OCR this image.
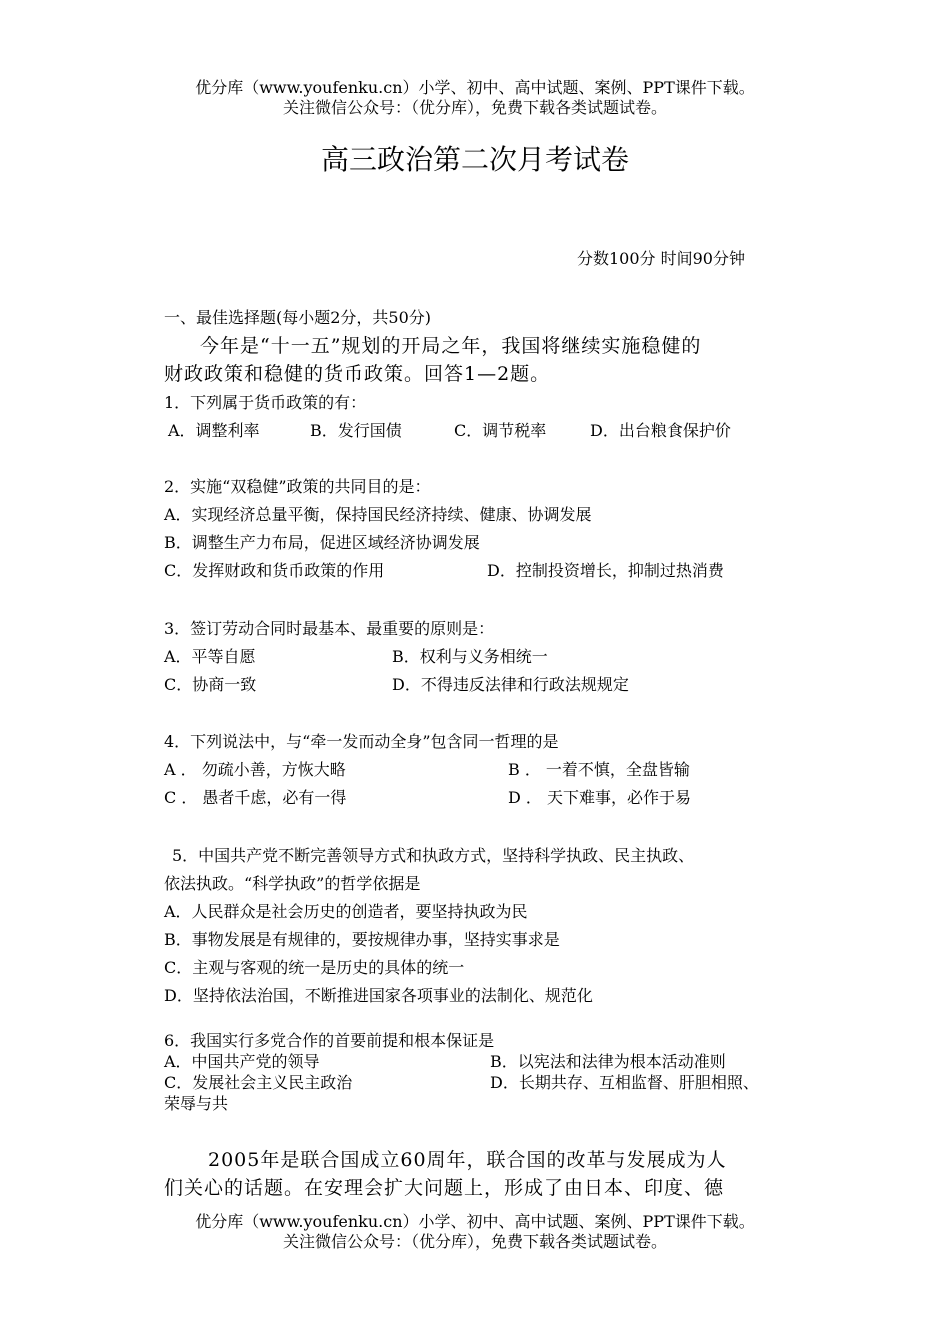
优分库（www.youfenku.cn）小学、初中、高中试题、案例、PPT课件下载。
关注微信公众号：（优分库），免费下载各类试题试卷。
高三政治第二次月考试卷
分数100分 时间90分钟
一、最佳选择题(每小题2分，共50分)
今年是“十一五”规划的开局之年，我国将继续实施稳健的
财政政策和稳健的货币政策。回答1—2题。
1．下列属于货币政策的有：
A．调整利率	B．发行国债	C．调节税率	D．出台粮食保护价
2．实施“双稳健”政策的共同目的是：
A．实现经济总量平衡，保持国民经济持续、健康、协调发展
B．调整生产力布局，促进区域经济协调发展
C．发挥财政和货币政策的作用	D．控制投资增长，抑制过热消费
3．签订劳动合同时最基本、最重要的原则是：
A．平等自愿	B．权利与义务相统一
C．协商一致	D．不得违反法律和行政法规规定
4．下列说法中，与“牵一发而动全身”包含同一哲理的是
A ． 勿疏小善，方恢大略	B ． 一着不慎，全盘皆输
C ． 愚者千虑，必有一得	D ． 天下难事，必作于易
5．中国共产党不断完善领导方式和执政方式，坚持科学执政、民主执政、
依法执政。“科学执政”的哲学依据是
A．人民群众是社会历史的创造者，要坚持执政为民
B．事物发展是有规律的，要按规律办事，坚持实事求是
C．主观与客观的统一是历史的具体的统一
D．坚持依法治国，不断推进国家各项事业的法制化、规范化
6．我国实行多党合作的首要前提和根本保证是
A．中国共产党的领导	B．以宪法和法律为根本活动准则
C．发展社会主义民主政治	D．长期共存、互相监督、肝胆相照、
荣辱与共
2005年是联合国成立60周年，联合国的改革与发展成为人
们关心的话题。在安理会扩大问题上，形成了由日本、印度、德
优分库（www.youfenku.cn）小学、初中、高中试题、案例、PPT课件下载。
关注微信公众号：（优分库），免费下载各类试题试卷。
